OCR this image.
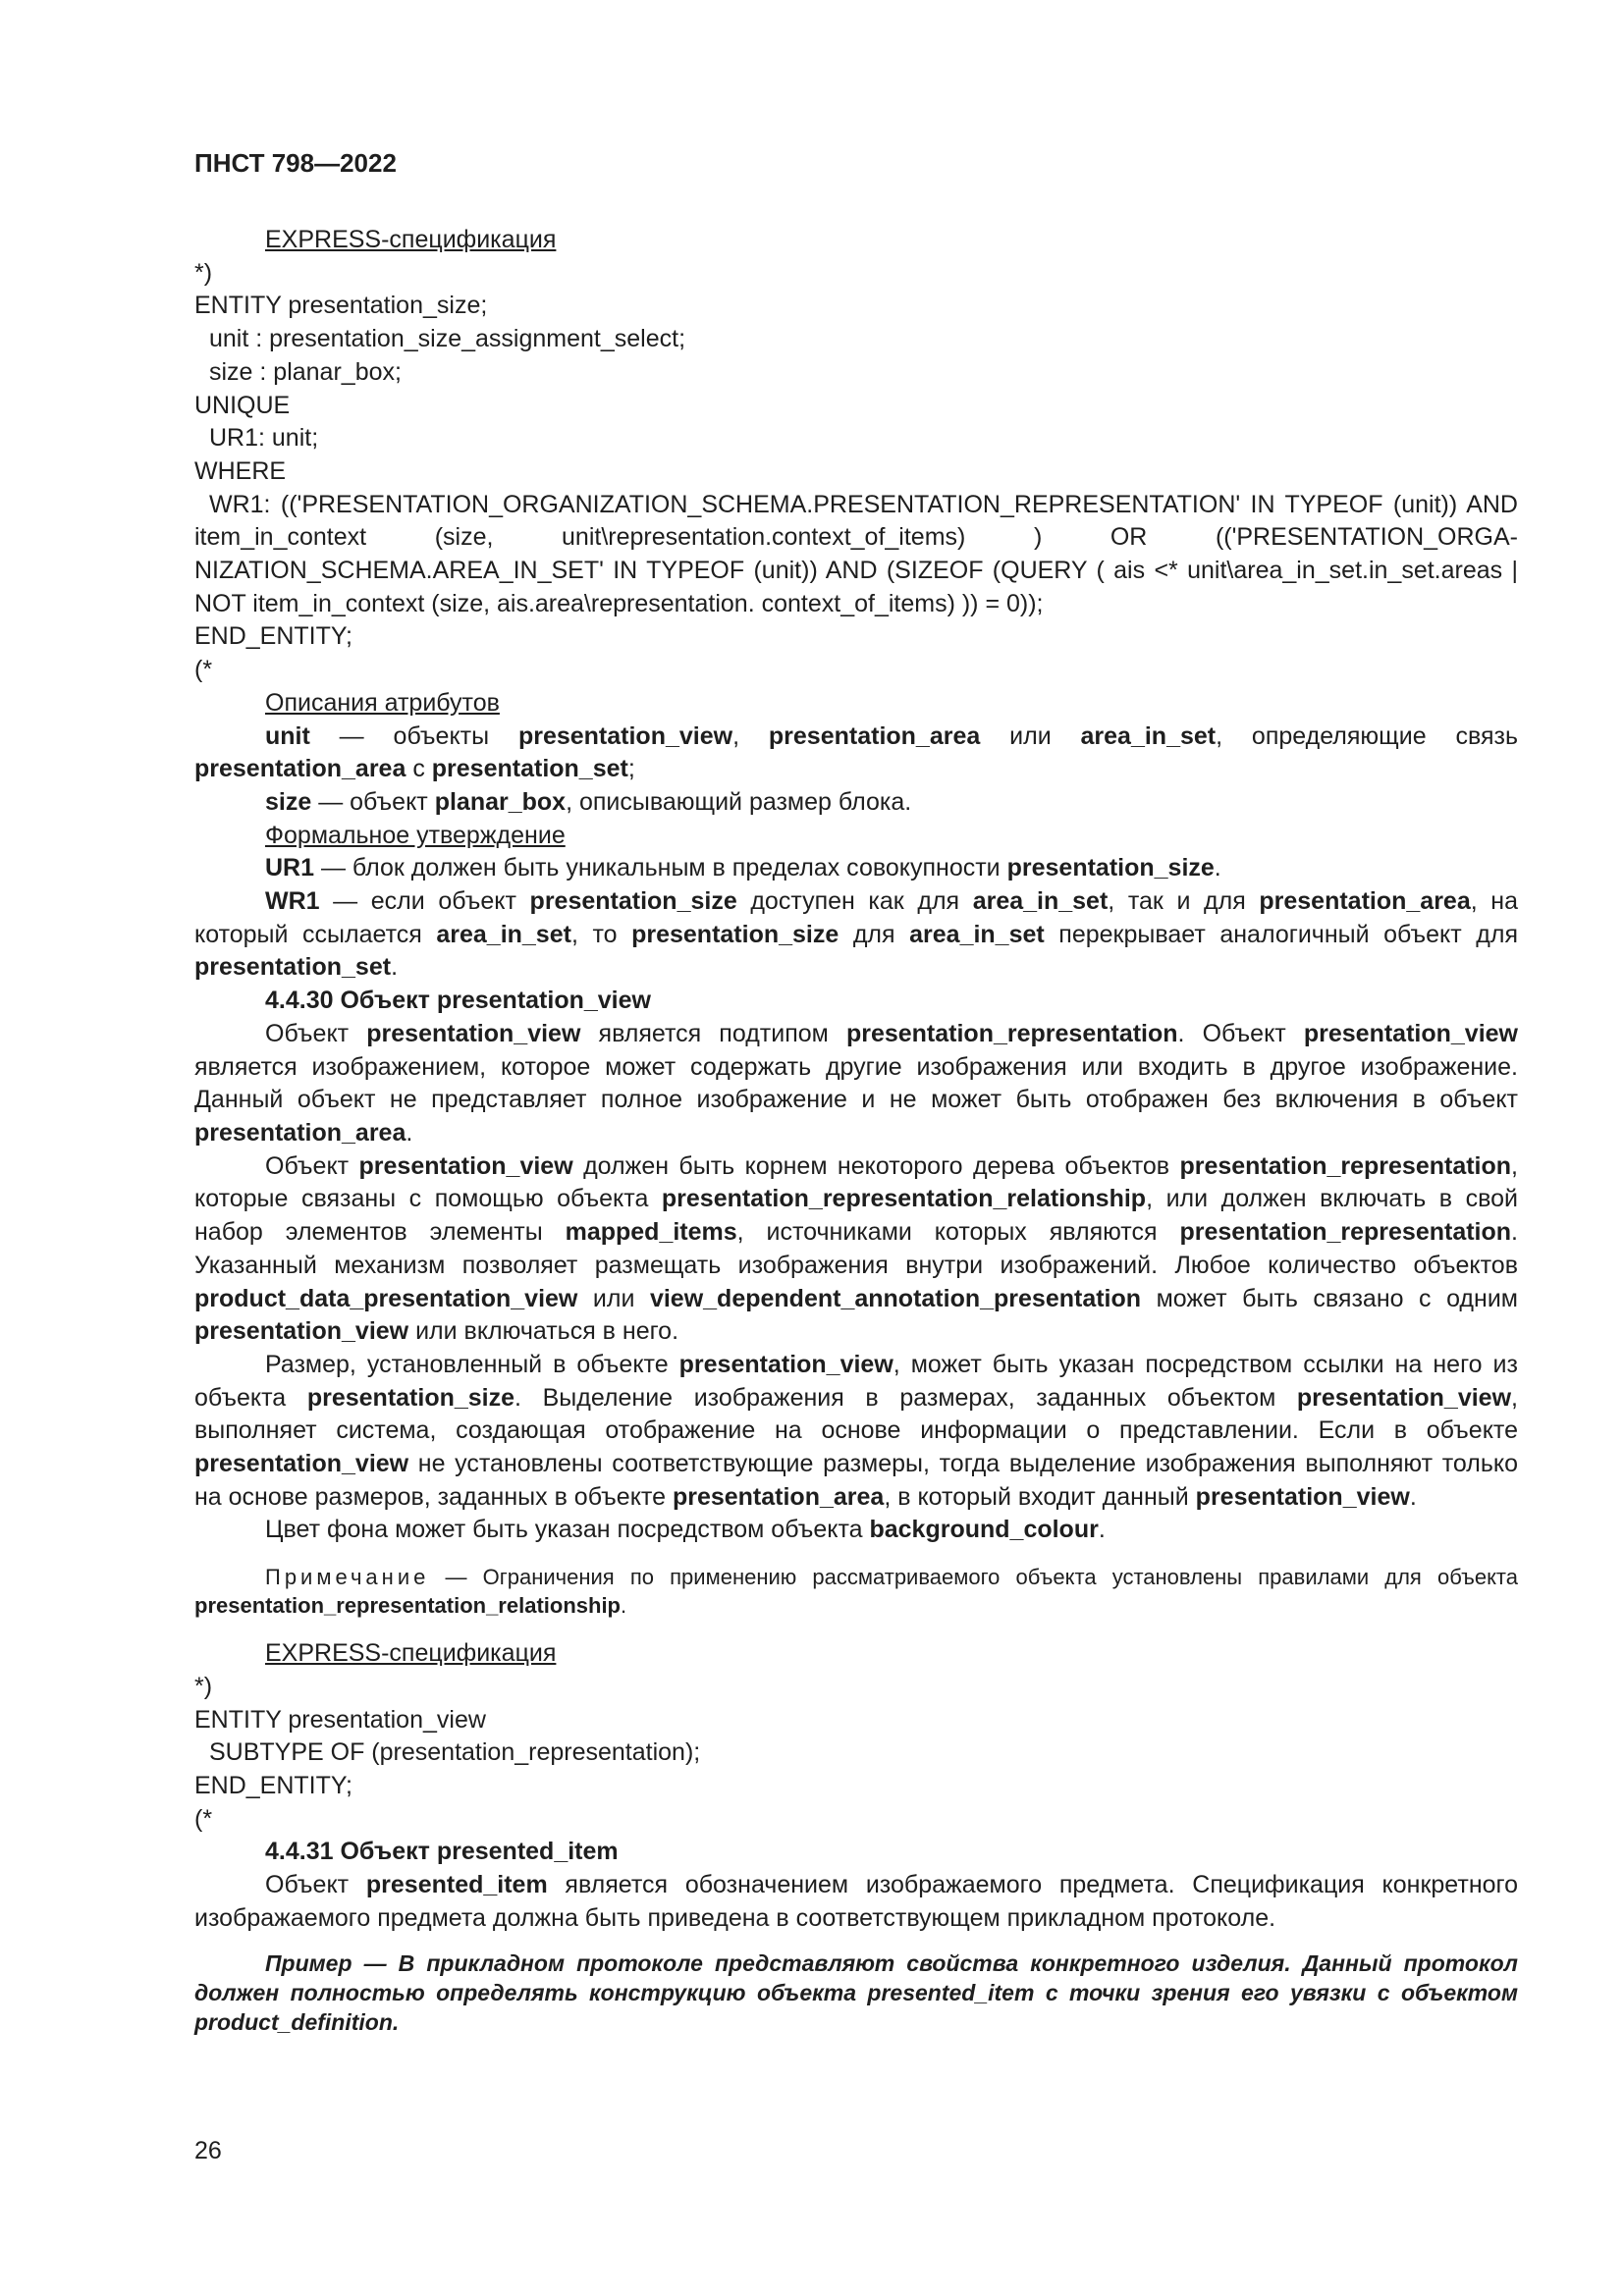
ПНСТ 798—2022

EXPRESS-спецификация

*)

ENTITY presentation_size;

unit : presentation_size_assignment_select;

size : planar_box;

UNIQUE

UR1: unit;

WHERE

WR1: (('PRESENTATION_ORGANIZATION_SCHEMA.PRESENTATION_REPRESENTATION' IN TYPEOF (unit)) AND item_in_context (size, unit\representation.context_of_items) ) OR (('PRESENTATION_ORGA-NIZATION_SCHEMA.AREA_IN_SET' IN TYPEOF (unit)) AND (SIZEOF (QUERY ( ais <* unit\area_in_set.in_set.areas | NOT item_in_context (size, ais.area\representation. context_of_items) )) = 0));

END_ENTITY;

(*

Описания атрибутов

unit — объекты presentation_view, presentation_area или area_in_set, определяющие связь presentation_area с presentation_set;

size — объект planar_box, описывающий размер блока.

Формальное утверждение

UR1 — блок должен быть уникальным в пределах совокупности presentation_size.

WR1 — если объект presentation_size доступен как для area_in_set, так и для presentation_area, на который ссылается area_in_set, то presentation_size для area_in_set перекрывает аналогичный объект для presentation_set.

4.4.30 Объект presentation_view

Объект presentation_view является подтипом presentation_representation. Объект presentation_view является изображением, которое может содержать другие изображения или входить в другое изображение. Данный объект не представляет полное изображение и не может быть отображен без включения в объект presentation_area.

Объект presentation_view должен быть корнем некоторого дерева объектов presentation_representation, которые связаны с помощью объекта presentation_representation_relationship, или должен включать в свой набор элементов элементы mapped_items, источниками которых являются presentation_representation. Указанный механизм позволяет размещать изображения внутри изображений. Любое количество объектов product_data_presentation_view или view_dependent_annotation_presentation может быть связано с одним presentation_view или включаться в него.

Размер, установленный в объекте presentation_view, может быть указан посредством ссылки на него из объекта presentation_size. Выделение изображения в размерах, заданных объектом presentation_view, выполняет система, создающая отображение на основе информации о представлении. Если в объекте presentation_view не установлены соответствующие размеры, тогда выделение изображения выполняют только на основе размеров, заданных в объекте presentation_area, в который входит данный presentation_view.

Цвет фона может быть указан посредством объекта background_colour.

Примечание — Ограничения по применению рассматриваемого объекта установлены правилами для объекта presentation_representation_relationship.

EXPRESS-спецификация

*)

ENTITY presentation_view

SUBTYPE OF (presentation_representation);

END_ENTITY;

(*

4.4.31 Объект presented_item

Объект presented_item является обозначением изображаемого предмета. Спецификация конкретного изображаемого предмета должна быть приведена в соответствующем прикладном протоколе.

Пример — В прикладном протоколе представляют свойства конкретного изделия. Данный протокол должен полностью определять конструкцию объекта presented_item с точки зрения его увязки с объектом product_definition.

26
